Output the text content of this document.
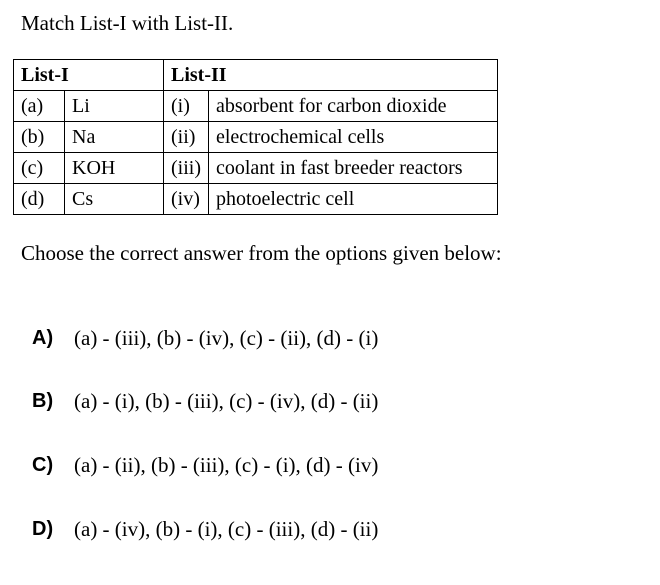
Match List-I with List-II.
List-I		List-II	
(a)	Li	(i)	absorbent for carbon dioxide
(b)	Na	(ii)	electrochemical cells
(c)	KOH	(iii)	coolant in fast breeder reactors
(d)	Cs	(iv)	photoelectric cell
Choose the correct answer from the options given below:
A) (a) - (iii), (b) - (iv), (c) - (ii), (d) - (i)
B) (a) - (i), (b) - (iii), (c) - (iv), (d) - (ii)
C) (a) - (ii), (b) - (iii), (c) - (i), (d) - (iv)
D) (a) - (iv), (b) - (i), (c) - (iii), (d) - (ii)
